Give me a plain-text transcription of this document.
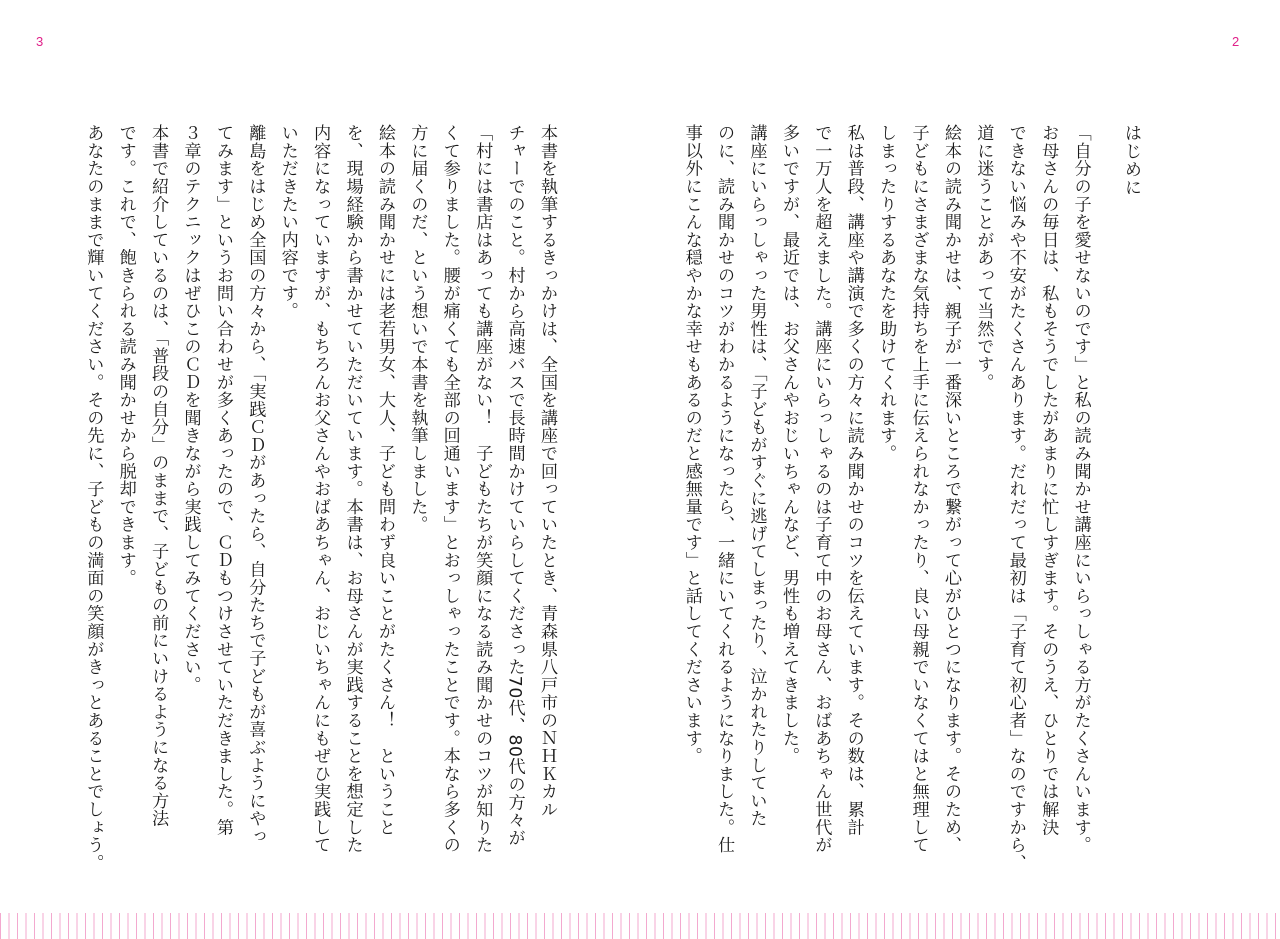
3	2
はじめに
「自分の子を愛せないのです」と私の読み聞かせ講座にいらっしゃる方がたくさんいます。
お母さんの毎日は、私もそうでしたがあまりに忙しすぎます。そのうえ、ひとりでは解決
できない悩みや不安がたくさんあります。だれだって最初は「子育て初心者」なのですから、
道に迷うことがあって当然です。
絵本の読み聞かせは、親子が一番深いところで繋がって心がひとつになります。そのため、
子どもにさまざまな気持ちを上手に伝えられなかったり、良い母親でいなくてはと無理して
しまったりするあなたを助けてくれます。
私は普段、講座や講演で多くの方々に読み聞かせのコツを伝えています。その数は、累計
で一万人を超えました。講座にいらっしゃるのは子育て中のお母さん、おばあちゃん世代が
多いですが、最近では、お父さんやおじいちゃんなど、男性も増えてきました。
講座にいらっしゃった男性は、「子どもがすぐに逃げてしまったり、泣かれたりしていた
のに、読み聞かせのコツがわかるようになったら、一緒にいてくれるようになりました。仕
事以外にこんな穏やかな幸せもあるのだと感無量です」と話してくださいます。
本書を執筆するきっかけは、全国を講座で回っていたとき、青森県八戸市のＮＨＫカル
チャーでのこと。村から高速バスで長時間かけていらしてくださった70代、80代の方々が
「村には書店はあっても講座がない！　子どもたちが笑顔になる読み聞かせのコツが知りた
くて参りました。腰が痛くても全部の回通います」とおっしゃったことです。本なら多くの
方に届くのだ、という想いで本書を執筆しました。
絵本の読み聞かせには老若男女、大人、子ども問わず良いことがたくさん！　ということ
を、現場経験から書かせていただいています。本書は、お母さんが実践することを想定した
内容になっていますが、もちろんお父さんやおばあちゃん、おじいちゃんにもぜひ実践して
いただきたい内容です。
離島をはじめ全国の方々から、「実践ＣＤがあったら、自分たちで子どもが喜ぶようにやっ
てみます」というお問い合わせが多くあったので、ＣＤもつけさせていただきました。第
３章のテクニックはぜひこのＣＤを聞きながら実践してみてください。
本書で紹介しているのは、「普段の自分」のままで、子どもの前にいけるようになる方法
です。これで、飽きられる読み聞かせから脱却できます。
あなたのままで輝いてください。その先に、子どもの満面の笑顔がきっとあることでしょう。
